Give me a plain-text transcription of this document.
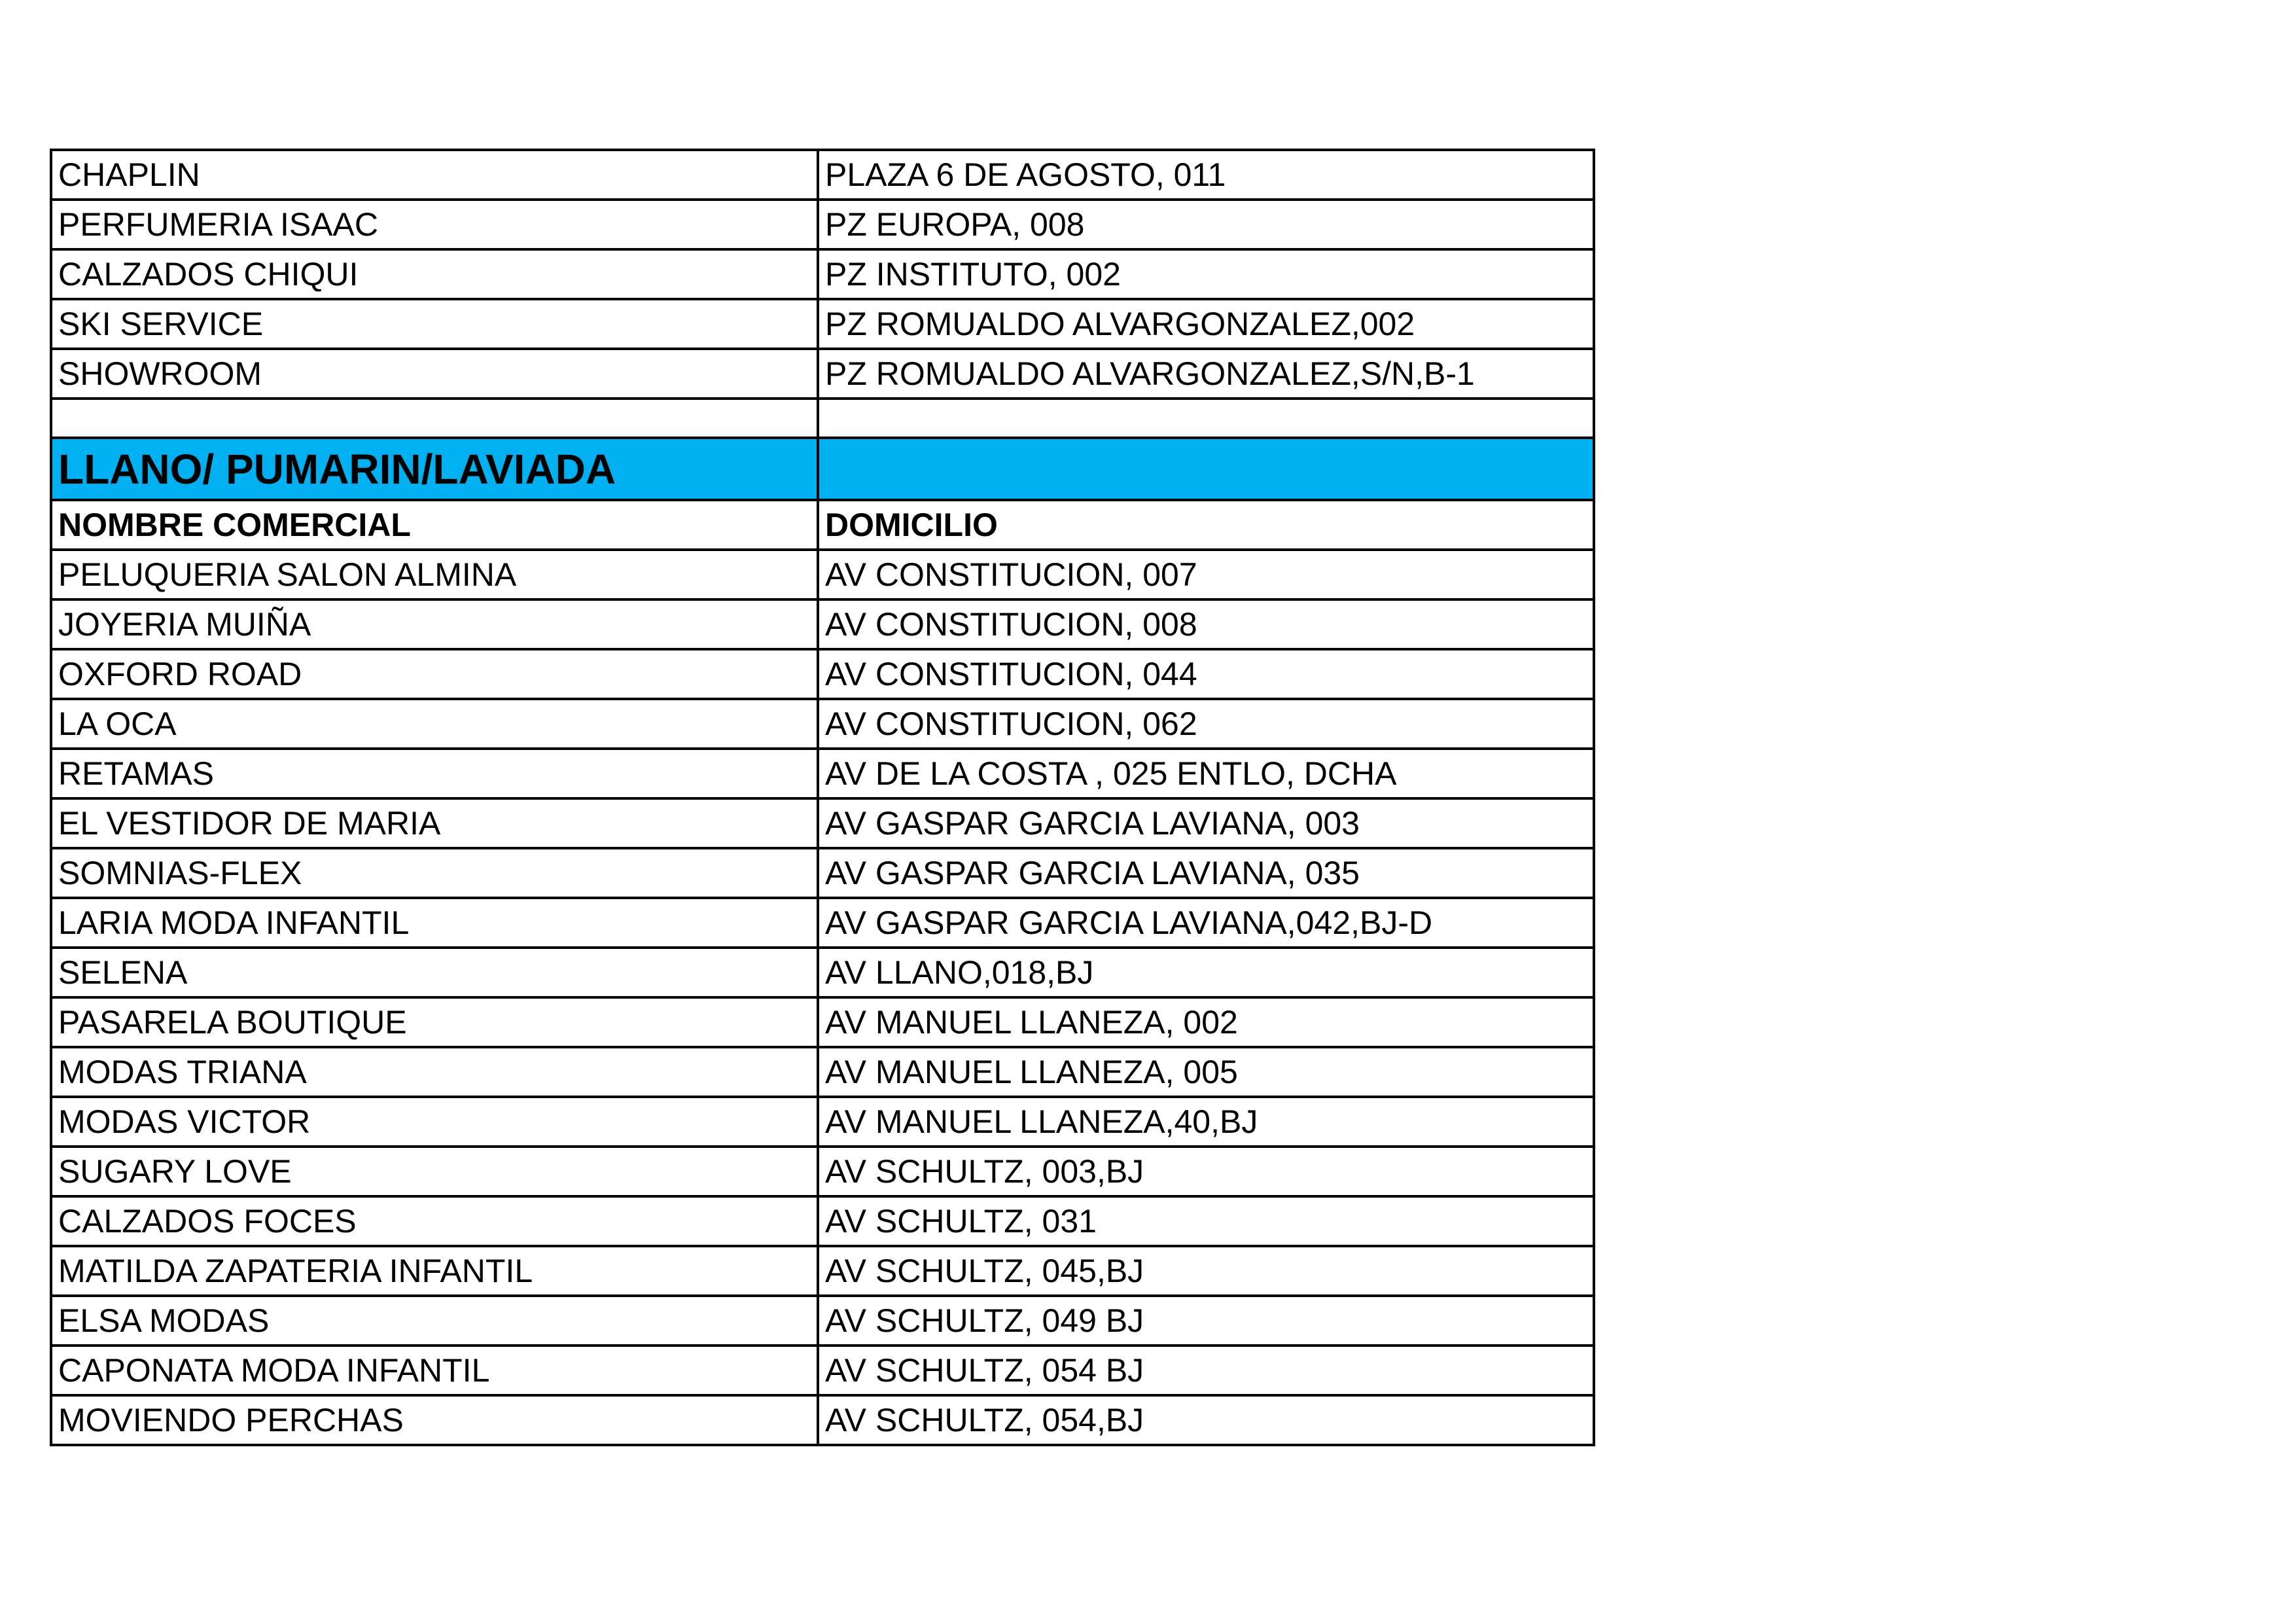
CHAPLIN	PLAZA 6 DE AGOSTO, 011
PERFUMERIA ISAAC	PZ EUROPA, 008
CALZADOS CHIQUI	PZ INSTITUTO, 002
SKI SERVICE	PZ ROMUALDO ALVARGONZALEZ,002
SHOWROOM	PZ ROMUALDO ALVARGONZALEZ,S/N,B-1

LLANO/ PUMARIN/LAVIADA	
NOMBRE COMERCIAL	DOMICILIO
PELUQUERIA SALON ALMINA	AV CONSTITUCION, 007
JOYERIA MUIÑA	AV CONSTITUCION, 008
OXFORD ROAD	AV CONSTITUCION, 044
LA OCA	AV CONSTITUCION, 062
RETAMAS	AV DE LA COSTA , 025 ENTLO, DCHA
EL VESTIDOR DE MARIA	AV GASPAR GARCIA LAVIANA, 003
SOMNIAS-FLEX	AV GASPAR GARCIA LAVIANA, 035
LARIA MODA INFANTIL	AV GASPAR GARCIA LAVIANA,042,BJ-D
SELENA	AV LLANO,018,BJ
PASARELA BOUTIQUE	AV MANUEL LLANEZA, 002
MODAS TRIANA	AV MANUEL LLANEZA, 005
MODAS VICTOR	AV MANUEL LLANEZA,40,BJ
SUGARY LOVE	AV SCHULTZ, 003,BJ
CALZADOS FOCES	AV SCHULTZ, 031
MATILDA ZAPATERIA INFANTIL	AV SCHULTZ, 045,BJ
ELSA MODAS	AV SCHULTZ, 049 BJ
CAPONATA MODA INFANTIL	AV SCHULTZ, 054 BJ
MOVIENDO PERCHAS	AV SCHULTZ, 054,BJ
